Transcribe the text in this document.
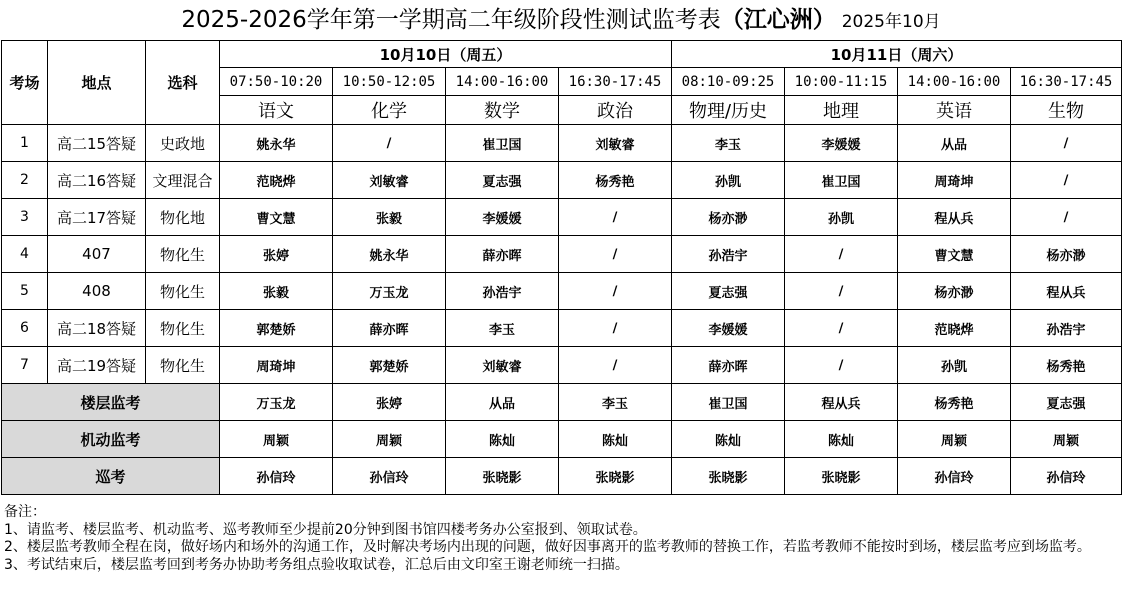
2025-2026学年第一学期高二年级阶段性测试监考表（江心洲） 2025年10月
考场	地点	选科	10月10日（周五）				10月11日（周六）			
			07:50-10:20	10:50-12:05	14:00-16:00	16:30-17:45	08:10-09:25	10:00-11:15	14:00-16:00	16:30-17:45
			语文	化学	数学	政治	物理/历史	地理	英语	生物
1	高二15答疑	史政地	姚永华	/	崔卫国	刘敏睿	李玉	李媛媛	从品	/
2	高二16答疑	文理混合	范晓烨	刘敏睿	夏志强	杨秀艳	孙凯	崔卫国	周琦坤	/
3	高二17答疑	物化地	曹文慧	张毅	李媛媛	/	杨亦渺	孙凯	程从兵	/
4	407	物化生	张婷	姚永华	薛亦晖	/	孙浩宇	/	曹文慧	杨亦渺
5	408	物化生	张毅	万玉龙	孙浩宇	/	夏志强	/	杨亦渺	程从兵
6	高二18答疑	物化生	郭楚娇	薛亦晖	李玉	/	李媛媛	/	范晓烨	孙浩宇
7	高二19答疑	物化生	周琦坤	郭楚娇	刘敏睿	/	薛亦晖	/	孙凯	杨秀艳
楼层监考			万玉龙	张婷	从品	李玉	崔卫国	程从兵	杨秀艳	夏志强
机动监考			周颖	周颖	陈灿	陈灿	陈灿	陈灿	周颖	周颖
巡考			孙信玲	孙信玲	张晓影	张晓影	张晓影	张晓影	孙信玲	孙信玲
备注：
1、请监考、楼层监考、机动监考、巡考教师至少提前20分钟到图书馆四楼考务办公室报到、领取试卷。
2、楼层监考教师全程在岗，做好场内和场外的沟通工作，及时解决考场内出现的问题，做好因事离开的监考教师的替换工作，若监考教师不能按时到场，楼层监考应到场监考。
3、考试结束后，楼层监考回到考务办协助考务组点验收取试卷，汇总后由文印室王谢老师统一扫描。
